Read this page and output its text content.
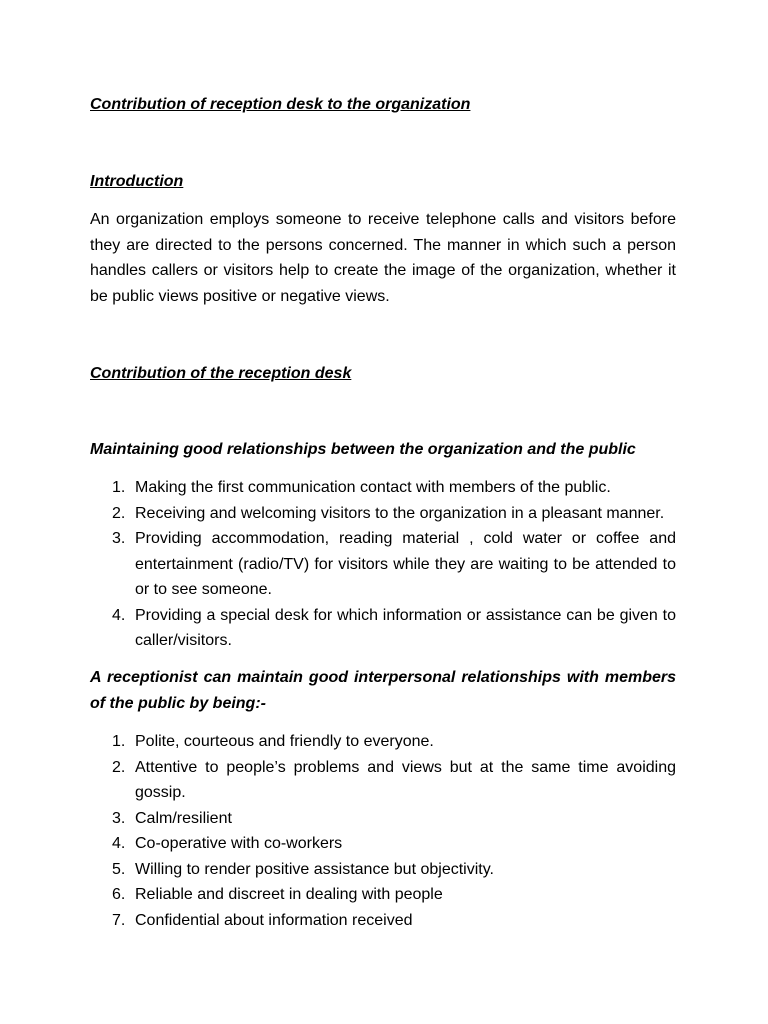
Contribution of reception desk to the organization
Introduction

An organization employs someone to receive telephone calls and visitors before they are directed to the persons concerned. The manner in which such a person handles callers or visitors help to create the image of the organization, whether it be public views positive or negative views.

Contribution of the reception desk

Maintaining good relationships between the organization and the public

1. Making the first communication contact with members of the public.
2. Receiving and welcoming visitors to the organization in a pleasant manner.
3. Providing accommodation, reading material , cold water or coffee and entertainment (radio/TV) for visitors while they are waiting to be attended to or to see someone.
4. Providing a special desk for which information or assistance can be given to caller/visitors.

A receptionist can maintain good interpersonal relationships with members of the public by being:-

1. Polite, courteous and friendly to everyone.
2. Attentive to people’s problems and views but at the same time avoiding gossip.
3. Calm/resilient
4. Co-operative with co-workers
5. Willing to render positive assistance but objectivity.
6. Reliable and discreet in dealing with people
7. Confidential about information received
